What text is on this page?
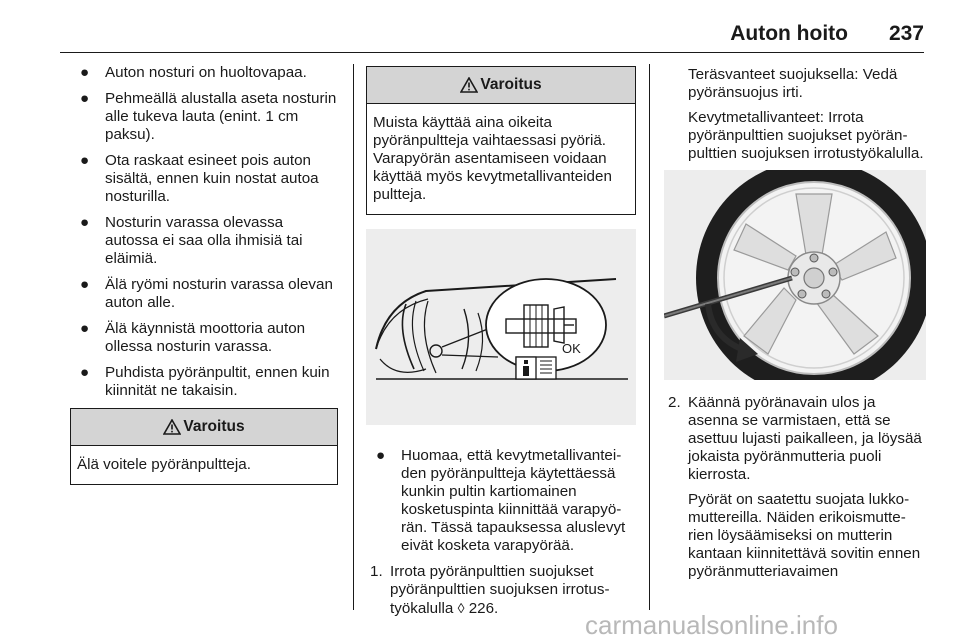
Auton hoito 237
● Auton nosturi on huoltovapaa.
● Pehmeällä alustalla aseta nosturin alle tukeva lauta (enint. 1 cm paksu).
● Ota raskaat esineet pois auton sisältä, ennen kuin nostat autoa nosturilla.
● Nosturin varassa olevassa autossa ei saa olla ihmisiä tai eläimiä.
● Älä ryömi nosturin varassa olevan auton alle.
● Älä käynnistä moottoria auton ollessa nosturin varassa.
● Puhdista pyöränpultit, ennen kuin kiinnität ne takaisin.
Varoitus
Älä voitele pyöränpultteja.
Varoitus
Muista käyttää aina oikeita pyöränpultteja vaihtaessasi pyöriä. Varapyörän asentamiseen voidaan käyttää myös kevytmetallivanteiden pultteja.
OK
● Huomaa, että kevytmetallivanteiden pyöränpultteja käytettäessä kunkin pultin kartiomainen kosketuspinta kiinnittää varapyörän. Tässä tapauksessa aluslevyt eivät kosketa varapyörää.
1. Irrota pyöränpulttien suojukset pyöränpulttien suojuksen irrotustyökalulla ◊ 226.

Teräsvanteet suojuksella: Vedä pyöränsuojus irti.

Kevytmetallivanteet: Irrota pyöränpulttien suojukset pyöränpulttien suojuksen irrotustyökalulla.

2. Käännä pyöränavain ulos ja asenna se varmistaen, että se asettuu lujasti paikalleen, ja löysää jokaista pyöränmutteria puoli kierrosta.

Pyörät on saatettu suojata lukkomuttereilla. Näiden erikoismutterien löysäämiseksi on mutterin kantaan kiinnitettävä sovitin ennen pyöränmutteriavaimen

carmanualsonline.info
